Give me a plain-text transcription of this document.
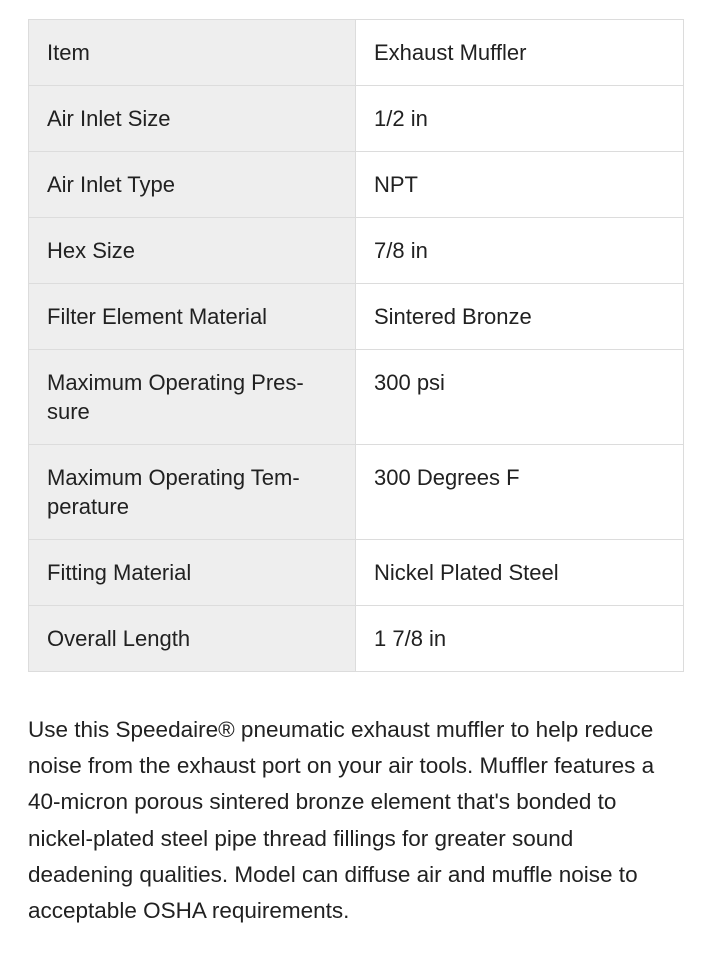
Item	Exhaust Muffler
Air Inlet Size	1/2 in
Air Inlet Type	NPT
Hex Size	7/8 in
Filter Element Material	Sintered Bronze
Maximum Operating Pres-sure	300 psi
Maximum Operating Tem-perature	300 Degrees F
Fitting Material	Nickel Plated Steel
Overall Length	1 7/8 in

Use this Speedaire® pneumatic exhaust muffler to help reduce noise from the exhaust port on your air tools. Muffler features a 40-micron porous sintered bronze element that's bonded to nickel-plated steel pipe thread fillings for greater sound deadening qualities. Model can diffuse air and muffle noise to acceptable OSHA requirements.
